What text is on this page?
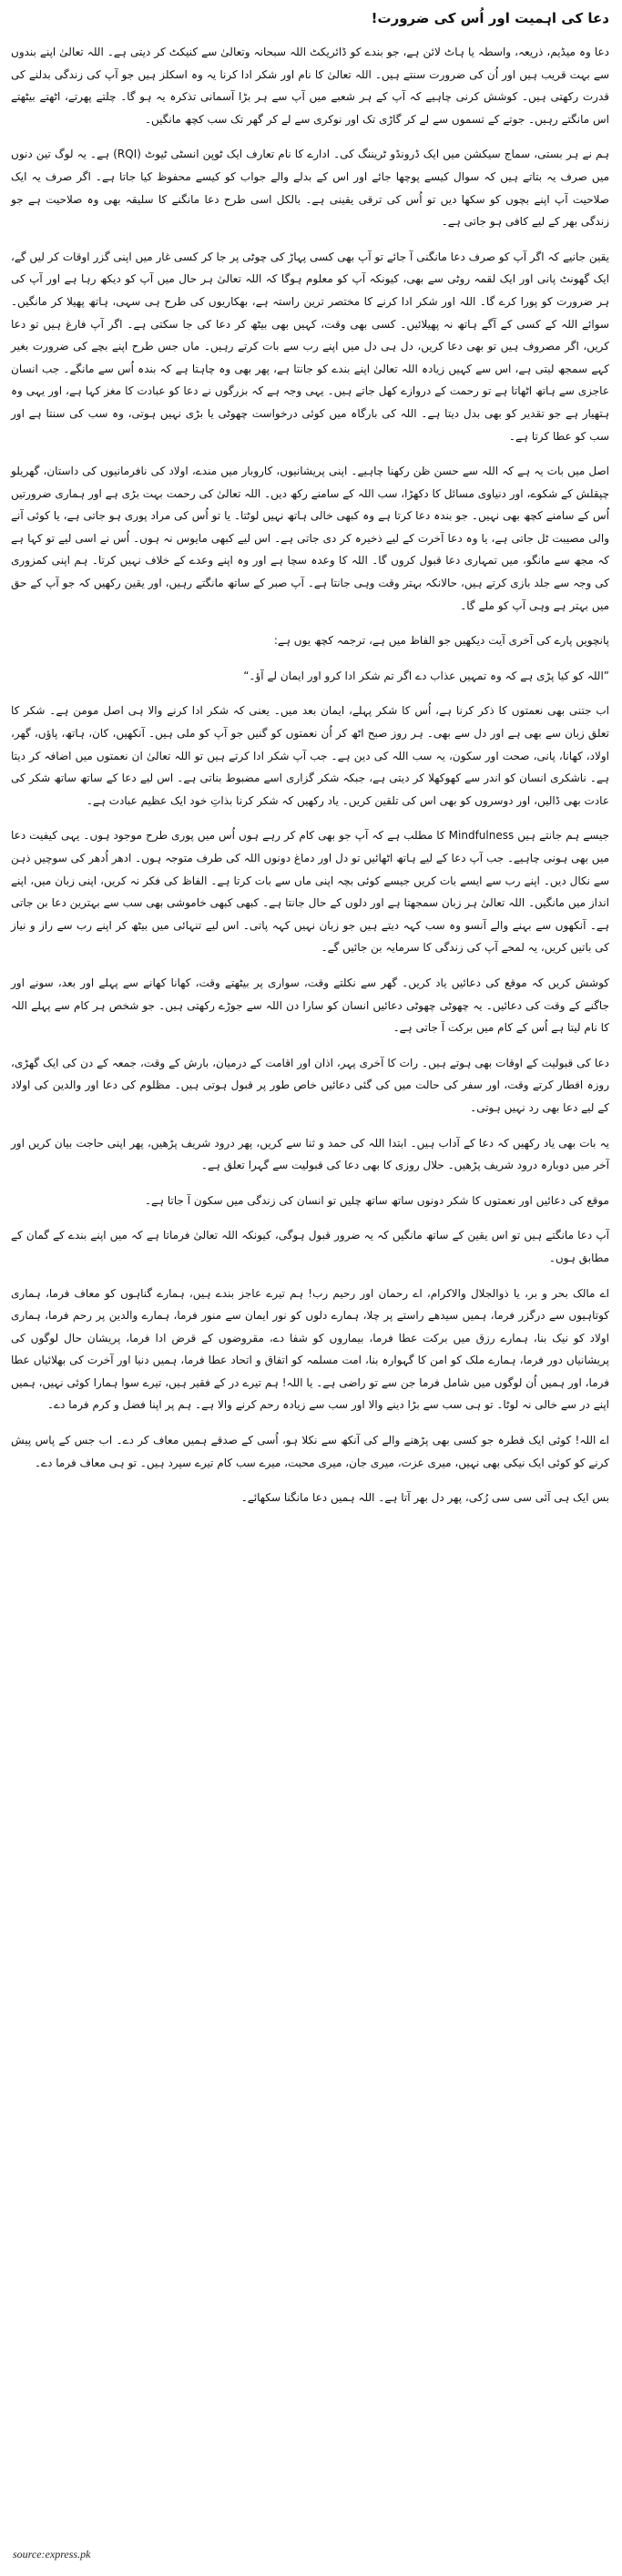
دعا کی اہمیت اور اُس کی ضرورت!

دعا وہ میڈیم، ذریعہ، واسطہ یا ہاٹ لائن ہے، جو بندے کو ڈائریکٹ اللہ سبحانہ وتعالیٰ سے کنیکٹ کر دیتی ہے۔ اللہ تعالیٰ اپنے بندوں سے بہت قریب ہیں اور اُن کی ضرورت سنتے ہیں۔ اللہ تعالیٰ کا نام اور شکر ادا کرنا یہ وہ اسکلز ہیں جو آپ کی زندگی بدلنے کی قدرت رکھتی ہیں۔ کوشش کرنی چاہیے کہ آپ کے ہر شعبے میں آپ سے ہر بڑا آسمانی تذکرہ یہ ہو گا۔ چلتے پھرتے، اٹھتے بیٹھتے اس مانگتے رہیں۔ جوتے کے تسموں سے لے کر گاڑی تک اور نوکری سے لے کر گھر تک سب کچھ مانگیں۔

ہم نے ہر بستی، سماج سیکشن میں ایک ڈرونڈو ٹریننگ کی۔ ادارے کا نام تعارف ایک ٹوپن انسٹی ٹیوٹ (RQI) ہے۔ یہ لوگ تین دنوں میں صرف یہ بتاتے ہیں کہ سوال کیسے پوچھا جائے اور اس کے بدلے والے جواب کو کیسے محفوظ کیا جاتا ہے۔ اگر صرف یہ ایک صلاحیت آپ اپنے بچوں کو سکھا دیں تو اُس کی ترقی یقینی ہے۔ بالکل اسی طرح دعا مانگنے کا سلیقہ بھی وہ صلاحیت ہے جو زندگی بھر کے لیے کافی ہو جاتی ہے۔

یقین جانیے کہ اگر آپ کو صرف دعا مانگنی آ جائے تو آپ بھی کسی پہاڑ کی چوٹی پر جا کر کسی غار میں اپنی گزر اوقات کر لیں گے، ایک گھونٹ پانی اور ایک لقمہ روٹی سے بھی، کیونکہ آپ کو معلوم ہوگا کہ اللہ تعالیٰ ہر حال میں آپ کو دیکھ رہا ہے اور آپ کی ہر ضرورت کو پورا کرے گا۔ اللہ اور شکر ادا کرنے کا مختصر ترین راستہ ہے، بھکاریوں کی طرح ہی سہی، ہاتھ پھیلا کر مانگیں۔ سوائے اللہ کے کسی کے آگے ہاتھ نہ پھیلائیں۔ کسی بھی وقت، کہیں بھی بیٹھ کر دعا کی جا سکتی ہے۔ اگر آپ فارغ ہیں تو دعا کریں، اگر مصروف ہیں تو بھی دعا کریں، دل ہی دل میں اپنے رب سے بات کرتے رہیں۔ ماں جس طرح اپنے بچے کی ضرورت بغیر کہے سمجھ لیتی ہے، اس سے کہیں زیادہ اللہ تعالیٰ اپنے بندے کو جانتا ہے، پھر بھی وہ چاہتا ہے کہ بندہ اُس سے مانگے۔ جب انسان عاجزی سے ہاتھ اٹھاتا ہے تو رحمت کے دروازے کھل جاتے ہیں۔ یہی وجہ ہے کہ بزرگوں نے دعا کو عبادت کا مغز کہا ہے، اور یہی وہ ہتھیار ہے جو تقدیر کو بھی بدل دیتا ہے۔ اللہ کی بارگاہ میں کوئی درخواست چھوٹی یا بڑی نہیں ہوتی، وہ سب کی سنتا ہے اور سب کو عطا کرتا ہے۔

اصل میں بات یہ ہے کہ اللہ سے حسن ظن رکھنا چاہیے۔ اپنی پریشانیوں، کاروبار میں مندے، اولاد کی نافرمانیوں کی داستان، گھریلو چپقلش کے شکوے، اور دنیاوی مسائل کا دکھڑا، سب اللہ کے سامنے رکھ دیں۔ اللہ تعالیٰ کی رحمت بہت بڑی ہے اور ہماری ضرورتیں اُس کے سامنے کچھ بھی نہیں۔ جو بندہ دعا کرتا ہے وہ کبھی خالی ہاتھ نہیں لوٹتا۔ یا تو اُس کی مراد پوری ہو جاتی ہے، یا کوئی آنے والی مصیبت ٹل جاتی ہے، یا وہ دعا آخرت کے لیے ذخیرہ کر دی جاتی ہے۔ اس لیے کبھی مایوس نہ ہوں۔ اُس نے اسی لیے تو کہا ہے کہ مجھ سے مانگو، میں تمہاری دعا قبول کروں گا۔ اللہ کا وعدہ سچا ہے اور وہ اپنے وعدے کے خلاف نہیں کرتا۔ ہم اپنی کمزوری کی وجہ سے جلد بازی کرتے ہیں، حالانکہ بہتر وقت وہی جانتا ہے۔ آپ صبر کے ساتھ مانگتے رہیں، اور یقین رکھیں کہ جو آپ کے حق میں بہتر ہے وہی آپ کو ملے گا۔

پانچویں پارے کی آخری آیت دیکھیں جو الفاظ میں ہے، ترجمہ کچھ یوں ہے:

”اللہ کو کیا پڑی ہے کہ وہ تمہیں عذاب دے اگر تم شکر ادا کرو اور ایمان لے آؤ۔“

اب جتنی بھی نعمتوں کا ذکر کرنا ہے، اُس کا شکر پہلے، ایمان بعد میں۔ یعنی کہ شکر ادا کرنے والا ہی اصل مومن ہے۔ شکر کا تعلق زبان سے بھی ہے اور دل سے بھی۔ ہر روز صبح اٹھ کر اُن نعمتوں کو گنیں جو آپ کو ملی ہیں۔ آنکھیں، کان، ہاتھ، پاؤں، گھر، اولاد، کھانا، پانی، صحت اور سکون، یہ سب اللہ کی دین ہے۔ جب آپ شکر ادا کرتے ہیں تو اللہ تعالیٰ ان نعمتوں میں اضافہ کر دیتا ہے۔ ناشکری انسان کو اندر سے کھوکھلا کر دیتی ہے، جبکہ شکر گزاری اسے مضبوط بناتی ہے۔ اس لیے دعا کے ساتھ ساتھ شکر کی عادت بھی ڈالیں، اور دوسروں کو بھی اس کی تلقین کریں۔ یاد رکھیں کہ شکر کرنا بذاتِ خود ایک عظیم عبادت ہے۔

جیسے ہم جانتے ہیں Mindfulness کا مطلب ہے کہ آپ جو بھی کام کر رہے ہوں اُس میں پوری طرح موجود ہوں۔ یہی کیفیت دعا میں بھی ہونی چاہیے۔ جب آپ دعا کے لیے ہاتھ اٹھائیں تو دل اور دماغ دونوں اللہ کی طرف متوجہ ہوں۔ ادھر اُدھر کی سوچیں ذہن سے نکال دیں۔ اپنے رب سے ایسے بات کریں جیسے کوئی بچہ اپنی ماں سے بات کرتا ہے۔ الفاظ کی فکر نہ کریں، اپنی زبان میں، اپنے انداز میں مانگیں۔ اللہ تعالیٰ ہر زبان سمجھتا ہے اور دلوں کے حال جانتا ہے۔ کبھی کبھی خاموشی بھی سب سے بہترین دعا بن جاتی ہے۔ آنکھوں سے بہنے والے آنسو وہ سب کہہ دیتے ہیں جو زبان نہیں کہہ پاتی۔ اس لیے تنہائی میں بیٹھ کر اپنے رب سے راز و نیاز کی باتیں کریں، یہ لمحے آپ کی زندگی کا سرمایہ بن جائیں گے۔

کوشش کریں کہ موقع کی دعائیں یاد کریں۔ گھر سے نکلتے وقت، سواری پر بیٹھتے وقت، کھانا کھانے سے پہلے اور بعد، سونے اور جاگنے کے وقت کی دعائیں۔ یہ چھوٹی چھوٹی دعائیں انسان کو سارا دن اللہ سے جوڑے رکھتی ہیں۔ جو شخص ہر کام سے پہلے اللہ کا نام لیتا ہے اُس کے کام میں برکت آ جاتی ہے۔

دعا کی قبولیت کے اوقات بھی ہوتے ہیں۔ رات کا آخری پہر، اذان اور اقامت کے درمیان، بارش کے وقت، جمعہ کے دن کی ایک گھڑی، روزہ افطار کرتے وقت، اور سفر کی حالت میں کی گئی دعائیں خاص طور پر قبول ہوتی ہیں۔ مظلوم کی دعا اور والدین کی اولاد کے لیے دعا بھی رد نہیں ہوتی۔

یہ بات بھی یاد رکھیں کہ دعا کے آداب ہیں۔ ابتدا اللہ کی حمد و ثنا سے کریں، پھر درود شریف پڑھیں، پھر اپنی حاجت بیان کریں اور آخر میں دوبارہ درود شریف پڑھیں۔ حلال روزی کا بھی دعا کی قبولیت سے گہرا تعلق ہے۔

موقع کی دعائیں اور نعمتوں کا شکر دونوں ساتھ ساتھ چلیں تو انسان کی زندگی میں سکون آ جاتا ہے۔

آپ دعا مانگتے ہیں تو اس یقین کے ساتھ مانگیں کہ یہ ضرور قبول ہوگی، کیونکہ اللہ تعالیٰ فرماتا ہے کہ میں اپنے بندے کے گمان کے مطابق ہوں۔

اے مالک بحر و بر، یا ذوالجلال والاکرام، اے رحمان اور رحیم رب! ہم تیرے عاجز بندے ہیں، ہمارے گناہوں کو معاف فرما، ہماری کوتاہیوں سے درگزر فرما، ہمیں سیدھے راستے پر چلا، ہمارے دلوں کو نور ایمان سے منور فرما، ہمارے والدین پر رحم فرما، ہماری اولاد کو نیک بنا، ہمارے رزق میں برکت عطا فرما، بیماروں کو شفا دے، مقروضوں کے قرض ادا فرما، پریشان حال لوگوں کی پریشانیاں دور فرما، ہمارے ملک کو امن کا گہوارہ بنا، امت مسلمہ کو اتفاق و اتحاد عطا فرما، ہمیں دنیا اور آخرت کی بھلائیاں عطا فرما، اور ہمیں اُن لوگوں میں شامل فرما جن سے تو راضی ہے۔ یا اللہ! ہم تیرے در کے فقیر ہیں، تیرے سوا ہمارا کوئی نہیں، ہمیں اپنے در سے خالی نہ لوٹا۔ تو ہی سب سے بڑا دینے والا اور سب سے زیادہ رحم کرنے والا ہے۔ ہم پر اپنا فضل و کرم فرما دے۔

اے اللہ! کوئی ایک قطرہ جو کسی بھی پڑھنے والے کی آنکھ سے نکلا ہو، اُسی کے صدقے ہمیں معاف کر دے۔ اب جس کے پاس پیش کرنے کو کوئی ایک نیکی بھی نہیں، میری عزت، میری جان، میری محبت، میرے سب کام تیرے سپرد ہیں۔ تو ہی معاف فرما دے۔

بس ایک ہی آئی سی سی رُکی، پھر دل بھر آتا ہے۔ اللہ ہمیں دعا مانگنا سکھائے۔

source:express.pk
